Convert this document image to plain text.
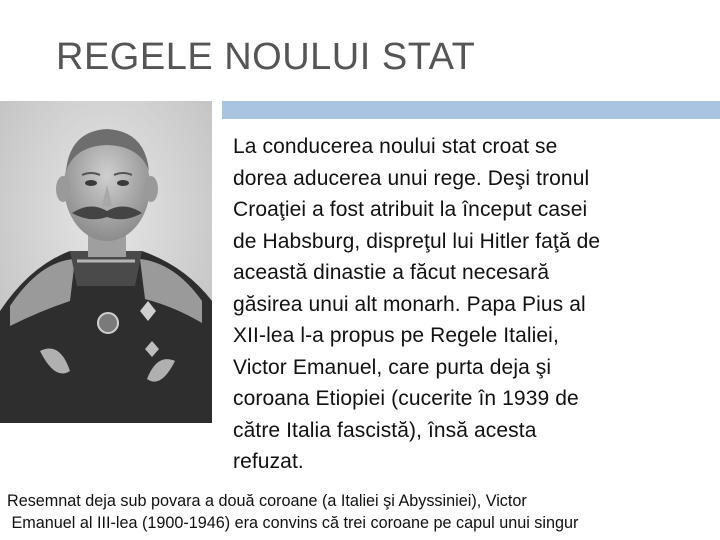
REGELE NOULUI STAT
La conducerea noului stat croat se
dorea aducerea unui rege. Deşi tronul
Croaţiei a fost atribuit la început casei
de Habsburg, dispreţul lui Hitler faţă de
această dinastie a făcut necesară
găsirea unui alt monarh. Papa Pius al
XII-lea l-a propus pe Regele Italiei,
Victor Emanuel, care purta deja şi
coroana Etiopiei (cucerite în 1939 de
către Italia fascistă), însă acesta
refuzat.
Resemnat deja sub povara a două coroane (a Italiei şi Abyssiniei), Victor
Emanuel al III-lea (1900-1946) era convins că trei coroane pe capul unui singur
